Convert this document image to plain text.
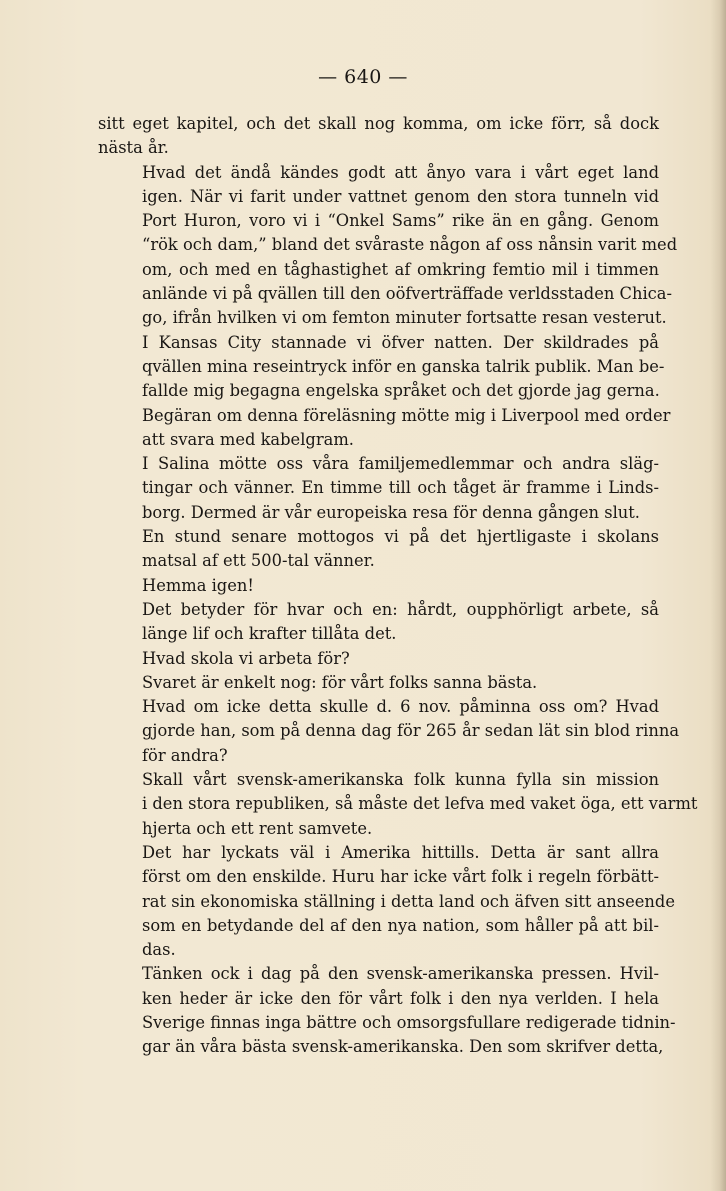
— 640 —
sitt eget kapitel, och det skall nog komma, om icke förr, så dock
nästa år.
Hvad det ändå kändes godt att ånyo vara i vårt eget land
igen. När vi farit under vattnet genom den stora tunneln vid
Port Huron, voro vi i “Onkel Sams” rike än en gång. Genom
“rök och dam,” bland det svåraste någon af oss nånsin varit med
om, och med en tåghastighet af omkring femtio mil i timmen
anlände vi på qvällen till den oöfverträffade verldsstaden Chica-
go, ifrån hvilken vi om femton minuter fortsatte resan vesterut.
I Kansas City stannade vi öfver natten. Der skildrades på
qvällen mina reseintryck inför en ganska talrik publik. Man be-
fallde mig begagna engelska språket och det gjorde jag gerna.
Begäran om denna föreläsning mötte mig i Liverpool med order
att svara med kabelgram.
I Salina mötte oss våra familjemedlemmar och andra släg-
tingar och vänner. En timme till och tåget är framme i Linds-
borg. Dermed är vår europeiska resa för denna gången slut.
En stund senare mottogos vi på det hjertligaste i skolans
matsal af ett 500-tal vänner.
Hemma igen!
Det betyder för hvar och en: hårdt, oupphörligt arbete, så
länge lif och krafter tillåta det.
Hvad skola vi arbeta för?
Svaret är enkelt nog: för vårt folks sanna bästa.
Hvad om icke detta skulle d. 6 nov. påminna oss om? Hvad
gjorde han, som på denna dag för 265 år sedan lät sin blod rinna
för andra?
Skall vårt svensk-amerikanska folk kunna fylla sin mission
i den stora republiken, så måste det lefva med vaket öga, ett varmt
hjerta och ett rent samvete.
Det har lyckats väl i Amerika hittills. Detta är sant allra
först om den enskilde. Huru har icke vårt folk i regeln förbätt-
rat sin ekonomiska ställning i detta land och äfven sitt anseende
som en betydande del af den nya nation, som håller på att bil-
das.
Tänken ock i dag på den svensk-amerikanska pressen. Hvil-
ken heder är icke den för vårt folk i den nya verlden. I hela
Sverige finnas inga bättre och omsorgsfullare redigerade tidnin-
gar än våra bästa svensk-amerikanska. Den som skrifver detta,
